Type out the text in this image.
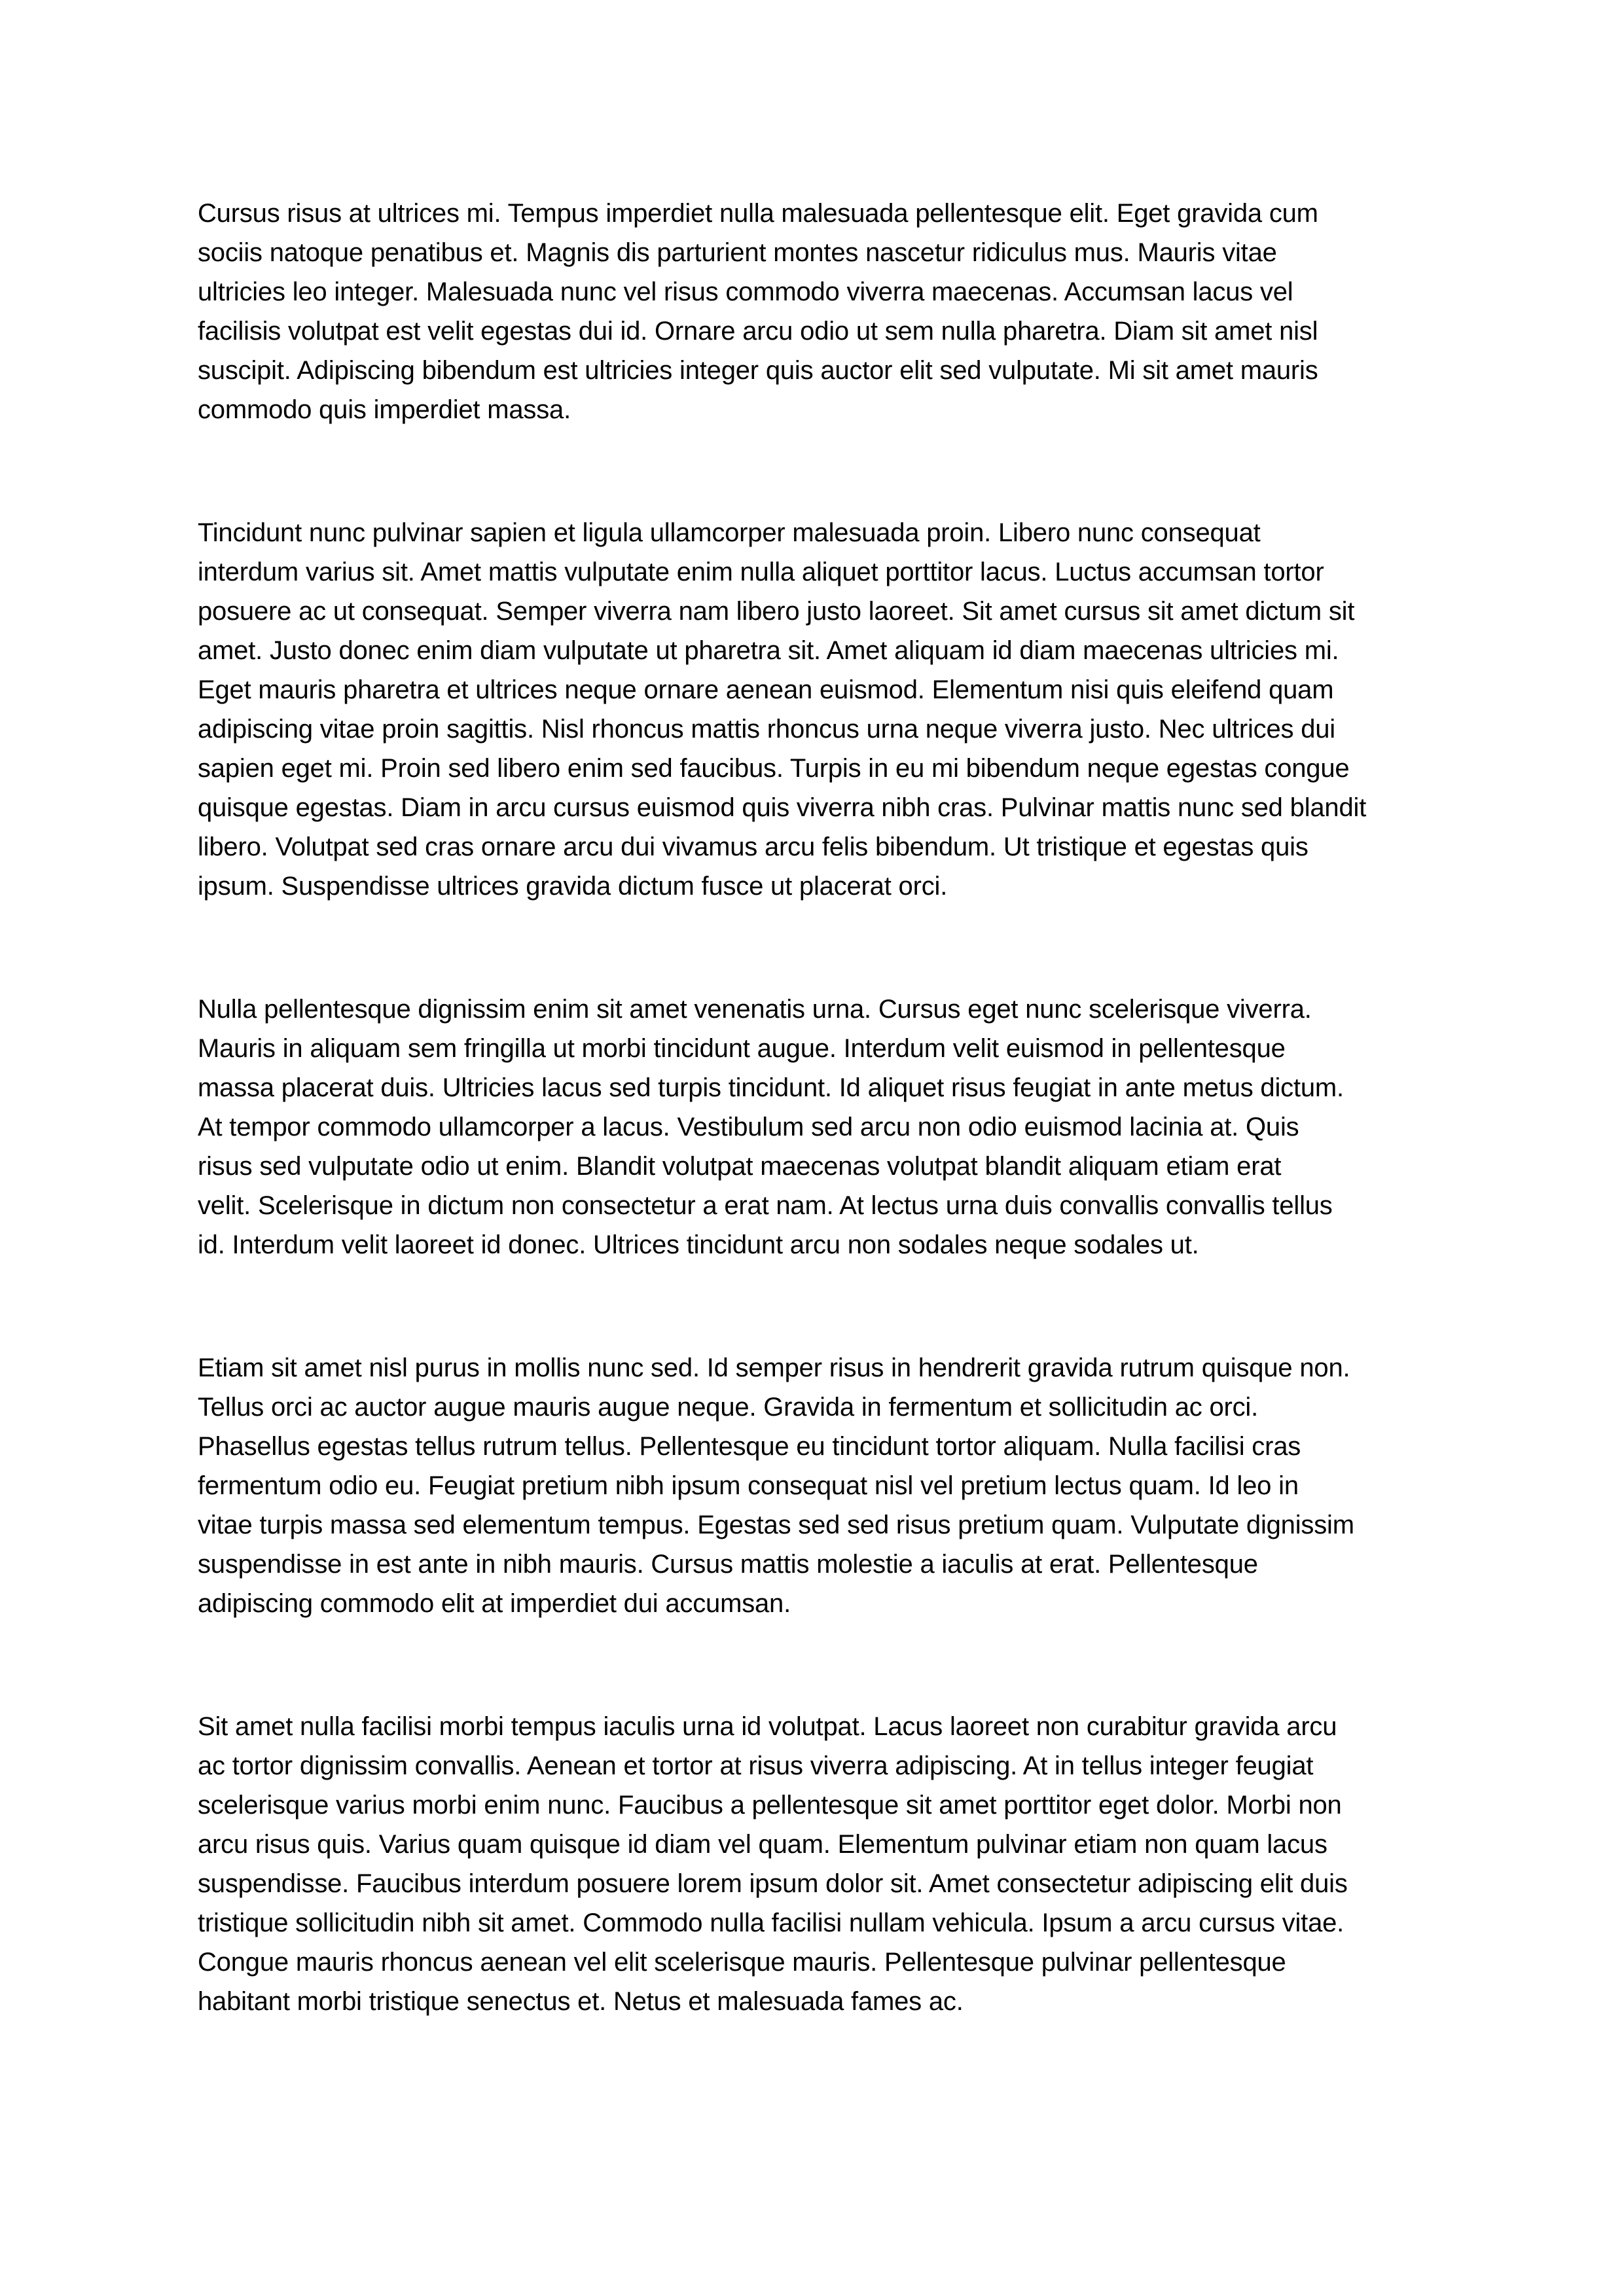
Cursus risus at ultrices mi. Tempus imperdiet nulla malesuada pellentesque elit. Eget gravida cum
sociis natoque penatibus et. Magnis dis parturient montes nascetur ridiculus mus. Mauris vitae
ultricies leo integer. Malesuada nunc vel risus commodo viverra maecenas. Accumsan lacus vel
facilisis volutpat est velit egestas dui id. Ornare arcu odio ut sem nulla pharetra. Diam sit amet nisl
suscipit. Adipiscing bibendum est ultricies integer quis auctor elit sed vulputate. Mi sit amet mauris
commodo quis imperdiet massa.

Tincidunt nunc pulvinar sapien et ligula ullamcorper malesuada proin. Libero nunc consequat
interdum varius sit. Amet mattis vulputate enim nulla aliquet porttitor lacus. Luctus accumsan tortor
posuere ac ut consequat. Semper viverra nam libero justo laoreet. Sit amet cursus sit amet dictum sit
amet. Justo donec enim diam vulputate ut pharetra sit. Amet aliquam id diam maecenas ultricies mi.
Eget mauris pharetra et ultrices neque ornare aenean euismod. Elementum nisi quis eleifend quam
adipiscing vitae proin sagittis. Nisl rhoncus mattis rhoncus urna neque viverra justo. Nec ultrices dui
sapien eget mi. Proin sed libero enim sed faucibus. Turpis in eu mi bibendum neque egestas congue
quisque egestas. Diam in arcu cursus euismod quis viverra nibh cras. Pulvinar mattis nunc sed blandit
libero. Volutpat sed cras ornare arcu dui vivamus arcu felis bibendum. Ut tristique et egestas quis
ipsum. Suspendisse ultrices gravida dictum fusce ut placerat orci.

Nulla pellentesque dignissim enim sit amet venenatis urna. Cursus eget nunc scelerisque viverra.
Mauris in aliquam sem fringilla ut morbi tincidunt augue. Interdum velit euismod in pellentesque
massa placerat duis. Ultricies lacus sed turpis tincidunt. Id aliquet risus feugiat in ante metus dictum.
At tempor commodo ullamcorper a lacus. Vestibulum sed arcu non odio euismod lacinia at. Quis
risus sed vulputate odio ut enim. Blandit volutpat maecenas volutpat blandit aliquam etiam erat
velit. Scelerisque in dictum non consectetur a erat nam. At lectus urna duis convallis convallis tellus
id. Interdum velit laoreet id donec. Ultrices tincidunt arcu non sodales neque sodales ut.

Etiam sit amet nisl purus in mollis nunc sed. Id semper risus in hendrerit gravida rutrum quisque non.
Tellus orci ac auctor augue mauris augue neque. Gravida in fermentum et sollicitudin ac orci.
Phasellus egestas tellus rutrum tellus. Pellentesque eu tincidunt tortor aliquam. Nulla facilisi cras
fermentum odio eu. Feugiat pretium nibh ipsum consequat nisl vel pretium lectus quam. Id leo in
vitae turpis massa sed elementum tempus. Egestas sed sed risus pretium quam. Vulputate dignissim
suspendisse in est ante in nibh mauris. Cursus mattis molestie a iaculis at erat. Pellentesque
adipiscing commodo elit at imperdiet dui accumsan.

Sit amet nulla facilisi morbi tempus iaculis urna id volutpat. Lacus laoreet non curabitur gravida arcu
ac tortor dignissim convallis. Aenean et tortor at risus viverra adipiscing. At in tellus integer feugiat
scelerisque varius morbi enim nunc. Faucibus a pellentesque sit amet porttitor eget dolor. Morbi non
arcu risus quis. Varius quam quisque id diam vel quam. Elementum pulvinar etiam non quam lacus
suspendisse. Faucibus interdum posuere lorem ipsum dolor sit. Amet consectetur adipiscing elit duis
tristique sollicitudin nibh sit amet. Commodo nulla facilisi nullam vehicula. Ipsum a arcu cursus vitae.
Congue mauris rhoncus aenean vel elit scelerisque mauris. Pellentesque pulvinar pellentesque
habitant morbi tristique senectus et. Netus et malesuada fames ac.
